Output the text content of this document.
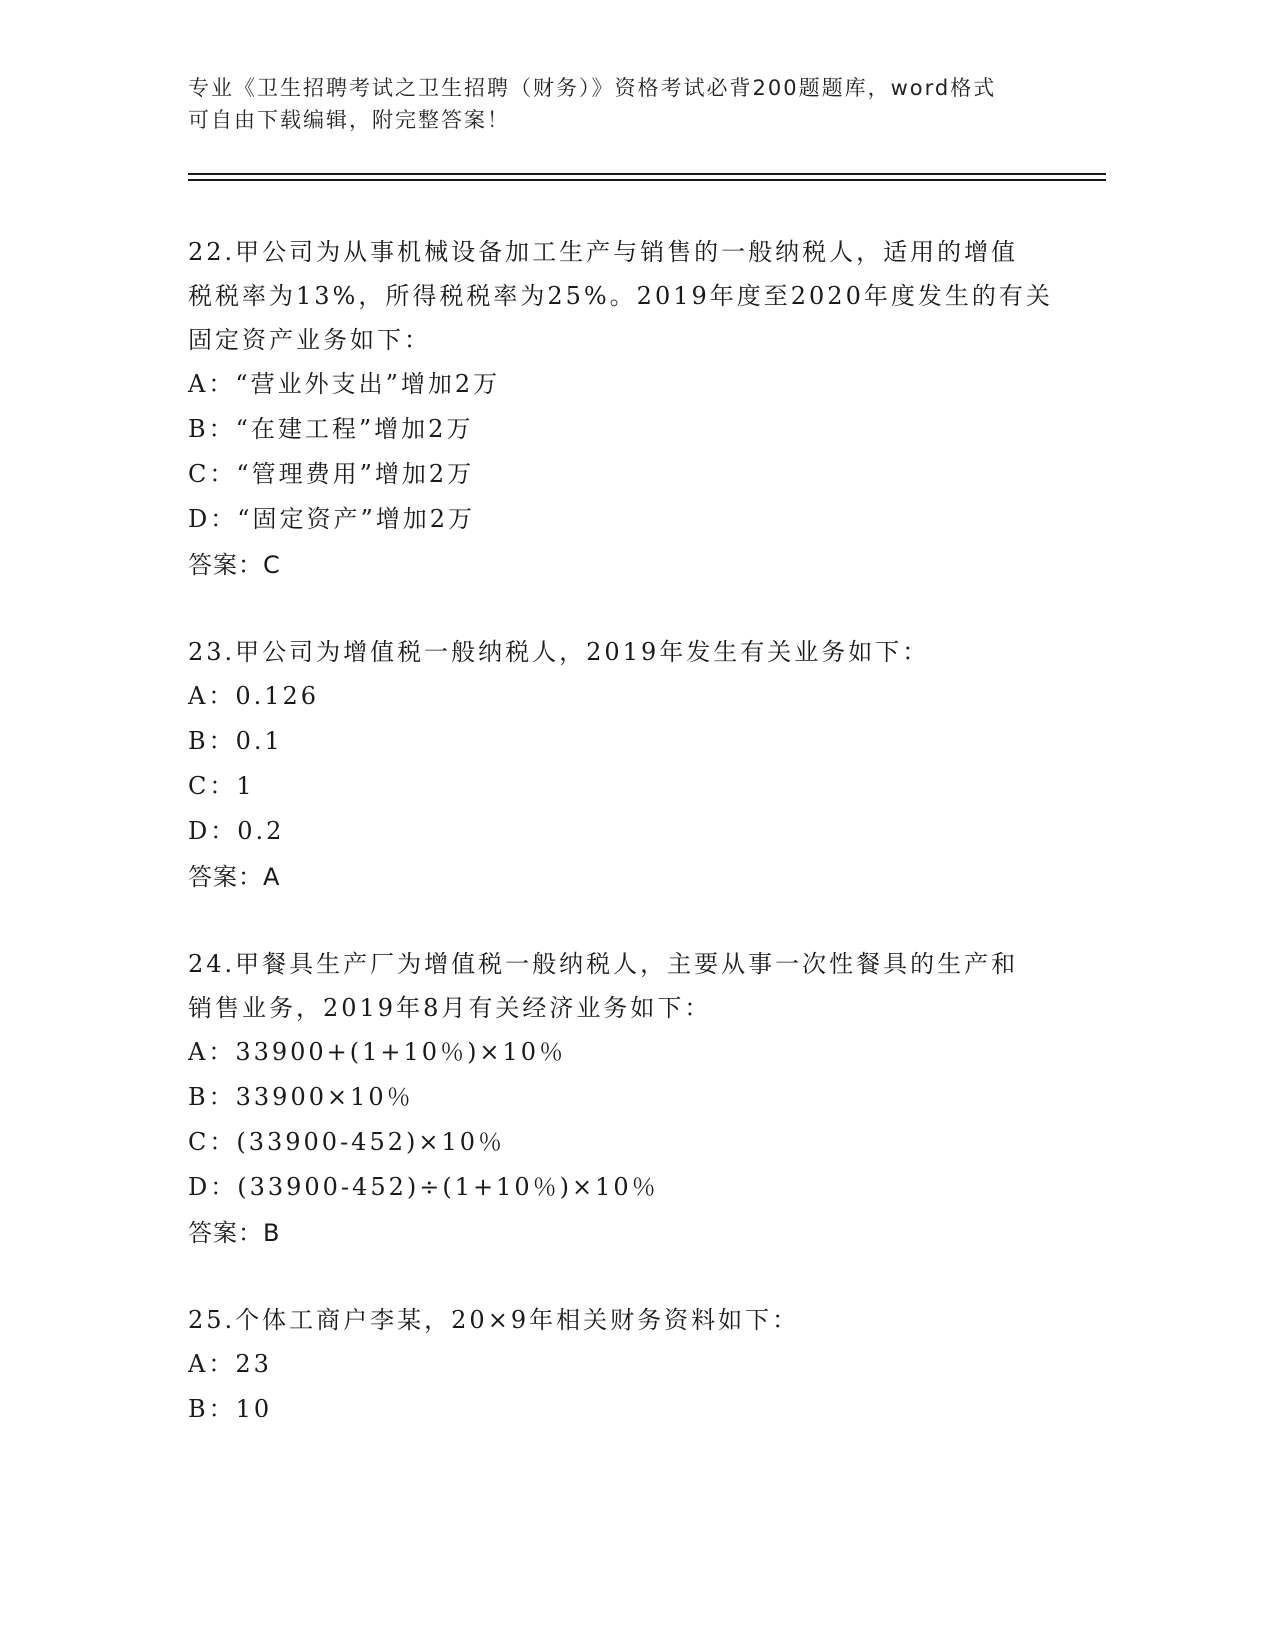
专业《卫生招聘考试之卫生招聘（财务）》资格考试必背200题题库，word格式
可自由下载编辑，附完整答案！
22.甲公司为从事机械设备加工生产与销售的一般纳税人，适用的增值
税税率为13%，所得税税率为25%。2019年度至2020年度发生的有关
固定资产业务如下：
A：“营业外支出”增加2万
B：“在建工程”增加2万
C：“管理费用”增加2万
D：“固定资产”增加2万
答案：C
23.甲公司为增值税一般纳税人，2019年发生有关业务如下：
A：0.126
B：0.1
C：1
D：0.2
答案：A
24.甲餐具生产厂为增值税一般纳税人，主要从事一次性餐具的生产和
销售业务，2019年8月有关经济业务如下：
A：33900+(1+10％)×10％
B：33900×10％
C：(33900-452)×10％
D：(33900-452)÷(1+10％)×10％
答案：B
25.个体工商户李某，20×9年相关财务资料如下：
A：23
B：10
